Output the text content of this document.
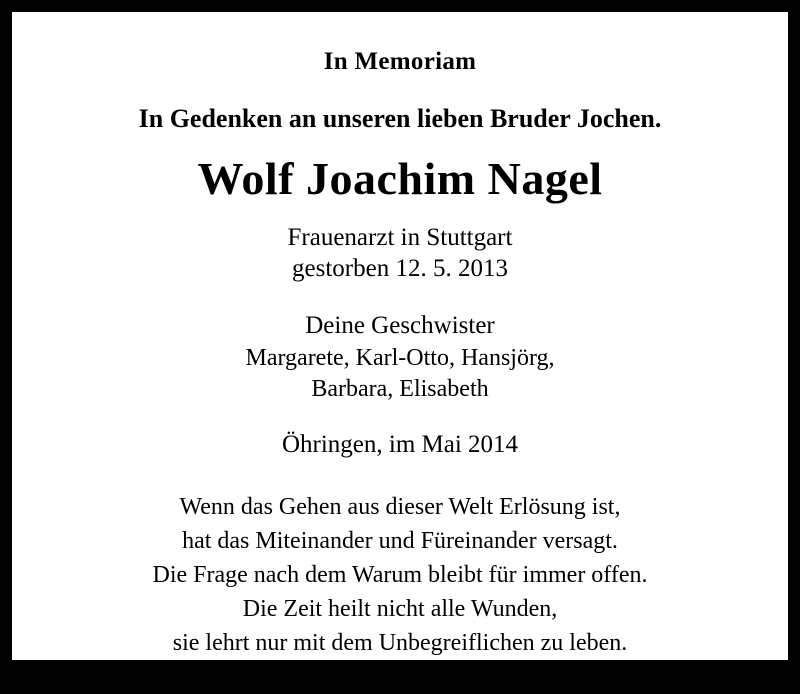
In Memoriam
In Gedenken an unseren lieben Bruder Jochen.
Wolf Joachim Nagel
Frauenarzt in Stuttgart
gestorben 12. 5. 2013
Deine Geschwister
Margarete, Karl-Otto, Hansjörg,
Barbara, Elisabeth
Öhringen, im Mai 2014
Wenn das Gehen aus dieser Welt Erlösung ist,
hat das Miteinander und Füreinander versagt.
Die Frage nach dem Warum bleibt für immer offen.
Die Zeit heilt nicht alle Wunden,
sie lehrt nur mit dem Unbegreiflichen zu leben.
Was bleibt sind die schönen Erinnerungen.
